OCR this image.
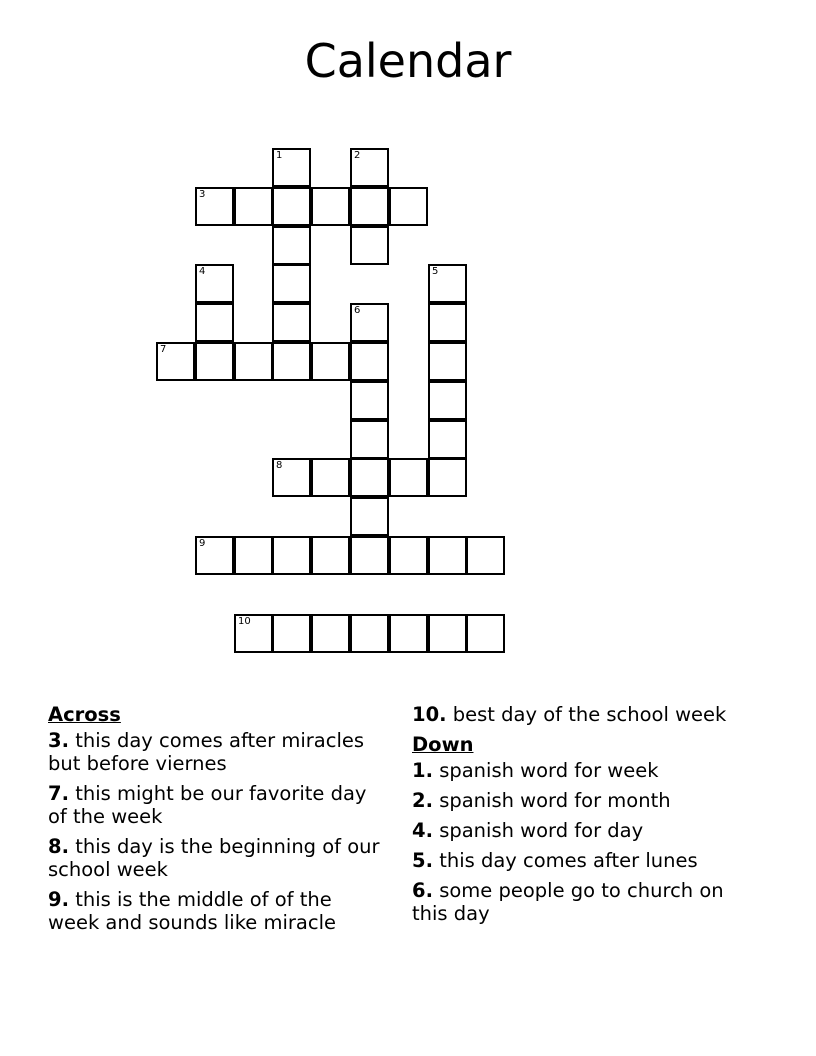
Calendar
1	2
3
4	5
6
7
8
9
10
Across
3. this day comes after miracles but before viernes
7. this might be our favorite day of the week
8. this day is the beginning of our school week
9. this is the middle of of the week and sounds like miracle
10. best day of the school week
Down
1. spanish word for week
2. spanish word for month
4. spanish word for day
5. this day comes after lunes
6. some people go to church on this day
